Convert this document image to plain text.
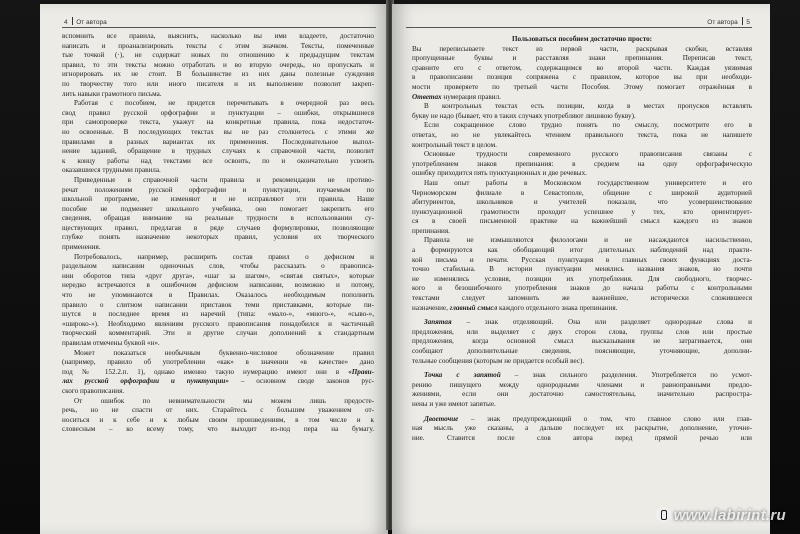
4 От автора
вспомнить все правила, выяснить, насколько вы ими владеете, достаточно
написать и проанализировать тексты с этим значком. Тексты, помеченные
тые точкой (·), не содержат новых по отношению к предыдущим текстам
правил, то эти тексты можно отработать и во вторую очередь, но пропускать и
игнорировать их не стоит. В большинстве из них даны полезные суждения
по творчеству того или иного писателя и их выполнение позволит закреп-
лить навыки грамотного письма.
Работая с пособием, не придется перечитывать в очередной раз весь
свод правил русской орфографии и пунктуации – ошибки, открывшиеся
при самопроверке текста, укажут на конкретные правила, пока недостаточ-
но освоенные. В последующих текстах вы не раз столкнетесь с этими же
правилами в разных вариантах их применения. Последовательное выпол-
нение заданий, обращение в трудных случаях к справочной части, позволит
к концу работы над текстами все освоить, по и окончательно усвоить
оказавшиеся трудными правила.
Приведенные в справочной части правила и рекомендации не противо-
речат положениям русской орфографии и пунктуации, изучаемым по
школьной программе, не изменяют и не исправляют эти правила. Наше
пособие не подменяет школьного учебника, оно помогает закрепить его
сведения, обращая внимание на реальные трудности в использовании су-
ществующих правил, предлагая в ряде случаев формулировки, позволяющие
глубже понять назначение некоторых правил, условия их творческого
применения.
Потребовалось, например, расширить состав правил о дефисном и
раздельном написании одиночных слов, чтобы рассказать о правописа-
нии оборотов типа «друг друга», «шаг за шагом», «святая святых», которые
нередко встречаются в ошибочном дефисном написании, возможно и потому,
что не упоминаются в Правилах. Оказалось необходимым пополнить
правило о слитном написании приставок теми приставками, которые пи-
шутся в последнее время из наречий (типа: «мало-», «много-», «сыво-»,
«широко-»). Необходимо явлениям русского правописания понадобился и частичный
творческий комментарий. Эти и другие случаи дополнений к стандартным
правилам отмечены буквой «н».
Может показаться необычным буквенно-числовое обозначение правил
(например, правило об употреблении «как» в значении «в качестве» дано
под № 152.2.п. 1), однако именно такую нумерацию имеют они в «Прави-
лах русской орфографии и пунктуации» – основном своде законов рус-
ского правописания.
От ошибок по невнимательности мы можем лишь предосте-
речь, но не спасти от них. Старайтесь с большим уважением от-
носиться и к себе и к любым своим произведениям, в том числе и к
словесным – ко всему тому, что выходит из-под пера на бумагу.
От автора 5
Пользоваться пособием достаточно просто:
Вы переписываете текст из первой части, раскрывая скобки, вставляя
пропущенные буквы и расставляя знаки препинания. Переписав текст,
сравните его с ответом, содержащимся во второй части. Каждая уязвимая
в правописании позиция сопряжена с правилом, которое вы при необходи-
мости проверяете по третьей части Пособия. Этому помогает отражённая в
Ответах нумерация правил.
В контрольных текстах есть позиции, когда в местах пропусков вставлять
букву не надо (бывает, что в таких случаях употребляют лишнюю букву).
Если сокращенное слово трудно понять по смыслу, посмотрите его в
ответах, но не увлекайтесь чтением правильного текста, пока не напишете
контрольный текст в целом.
Основные трудности современного русского правописания связаны с
употреблением знаков препинания: в среднем на одну орфографическую
ошибку приходится пять пунктуационных и две речевых.
Наш опыт работы в Московском государственном университете и его
Черноморском филиале в Севастополе, общение с широкой аудиторией
абитуриентов, школьников и учителей показали, что усовершенствование
пунктуационной грамотности проходит успешнее у тех, кто ориентирует-
ся в своей письменной практике на важнейший смысл каждого из знаков
препинания.
Правила не измышляются филологами и не насаждаются насильственно,
а формируются как обобщающий итог длительных наблюдений над практи-
кой письма и печати. Русская пунктуация в главных своих функциях доста-
точно стабильна. В истории пунктуации менялись названия знаков, но почти
не изменялись условия, позиции их употребления. Для свободного, творчес-
кого и безошибочного употребления знаков до начала работы с контрольными
текстами следует запомнить же важнейшее, исторически сложившееся
назначение, главный смысл каждого отдельного знака препинания.
Запятая – знак отделяющий. Она или разделяет однородные слова и
предложения, или выделяет с двух сторон слова, группы слов или простые
предложения, когда основной смысл высказывания не затрагивается, они
сообщают дополнительные сведения, поясняющие, уточняющие, дополни-
тельные сообщения (которым не придается особый вес).
Точка с запятой – знак сильного разделения. Употребляется по усмот-
рению пишущего между однородными членами и равноправными предло-
жениями, если они достаточно самостоятельны, значительно распростра-
нены и уже имеют запятые.
Двоеточие – знак предупреждающий о том, что главное слово или глав-
ная мысль уже сказаны, а дальше последует их раскрытие, дополнение, уточне-
ние. Ставится после слов автора перед прямой речью или
www.labirint.ru
